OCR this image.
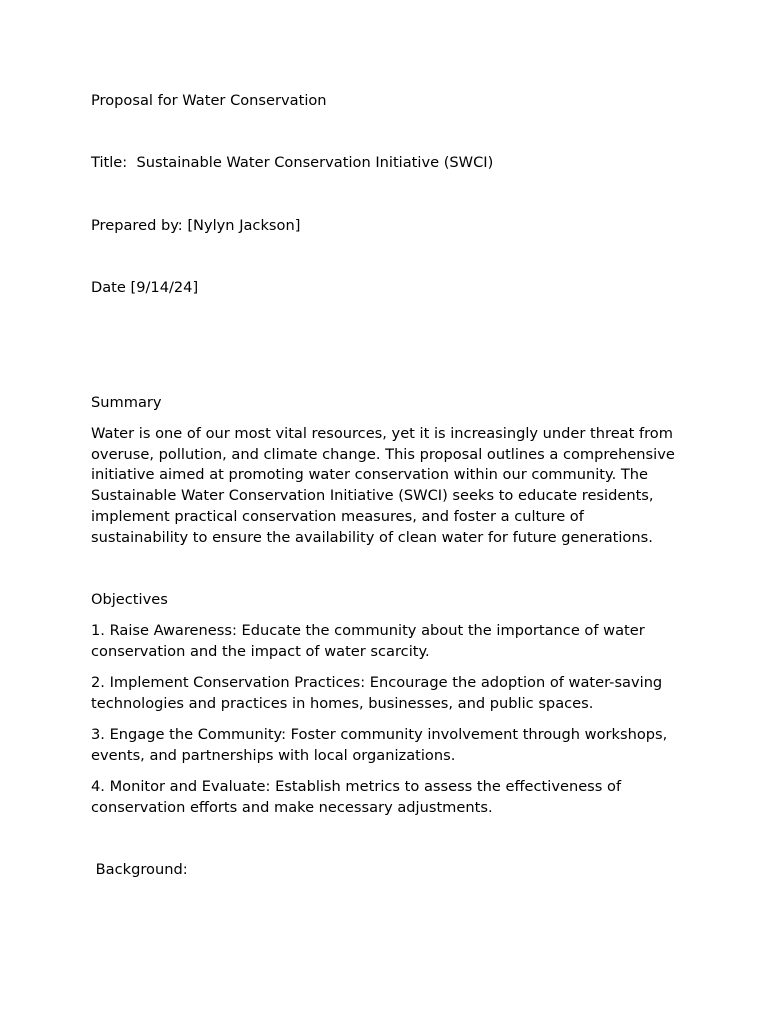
Proposal for Water Conservation

Title:  Sustainable Water Conservation Initiative (SWCI)

Prepared by: [Nylyn Jackson]

Date [9/14/24]

Summary

Water is one of our most vital resources, yet it is increasingly under threat from overuse, pollution, and climate change. This proposal outlines a comprehensive initiative aimed at promoting water conservation within our community. The Sustainable Water Conservation Initiative (SWCI) seeks to educate residents, implement practical conservation measures, and foster a culture of sustainability to ensure the availability of clean water for future generations.

Objectives

1. Raise Awareness: Educate the community about the importance of water conservation and the impact of water scarcity.

2. Implement Conservation Practices: Encourage the adoption of water-saving technologies and practices in homes, businesses, and public spaces.

3. Engage the Community: Foster community involvement through workshops, events, and partnerships with local organizations.

4. Monitor and Evaluate: Establish metrics to assess the effectiveness of conservation efforts and make necessary adjustments.

Background:
